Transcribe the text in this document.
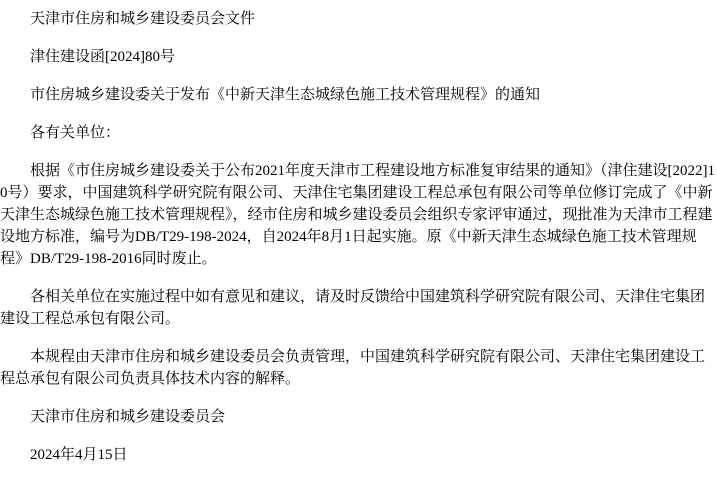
天津市住房和城乡建设委员会文件

津住建设函[2024]80号

市住房城乡建设委关于发布《中新天津生态城绿色施工技术管理规程》的通知

各有关单位：

根据《市住房城乡建设委关于公布2021年度天津市工程建设地方标准复审结果的通知》（津住建设[2022]10号）要求，中国建筑科学研究院有限公司、天津住宅集团建设工程总承包有限公司等单位修订完成了《中新天津生态城绿色施工技术管理规程》，经市住房和城乡建设委员会组织专家评审通过，现批准为天津市工程建设地方标准，编号为DB/T29-198-2024，自2024年8月1日起实施。原《中新天津生态城绿色施工技术管理规程》DB/T29-198-2016同时废止。

各相关单位在实施过程中如有意见和建议，请及时反馈给中国建筑科学研究院有限公司、天津住宅集团建设工程总承包有限公司。

本规程由天津市住房和城乡建设委员会负责管理，中国建筑科学研究院有限公司、天津住宅集团建设工程总承包有限公司负责具体技术内容的解释。

天津市住房和城乡建设委员会

2024年4月15日
